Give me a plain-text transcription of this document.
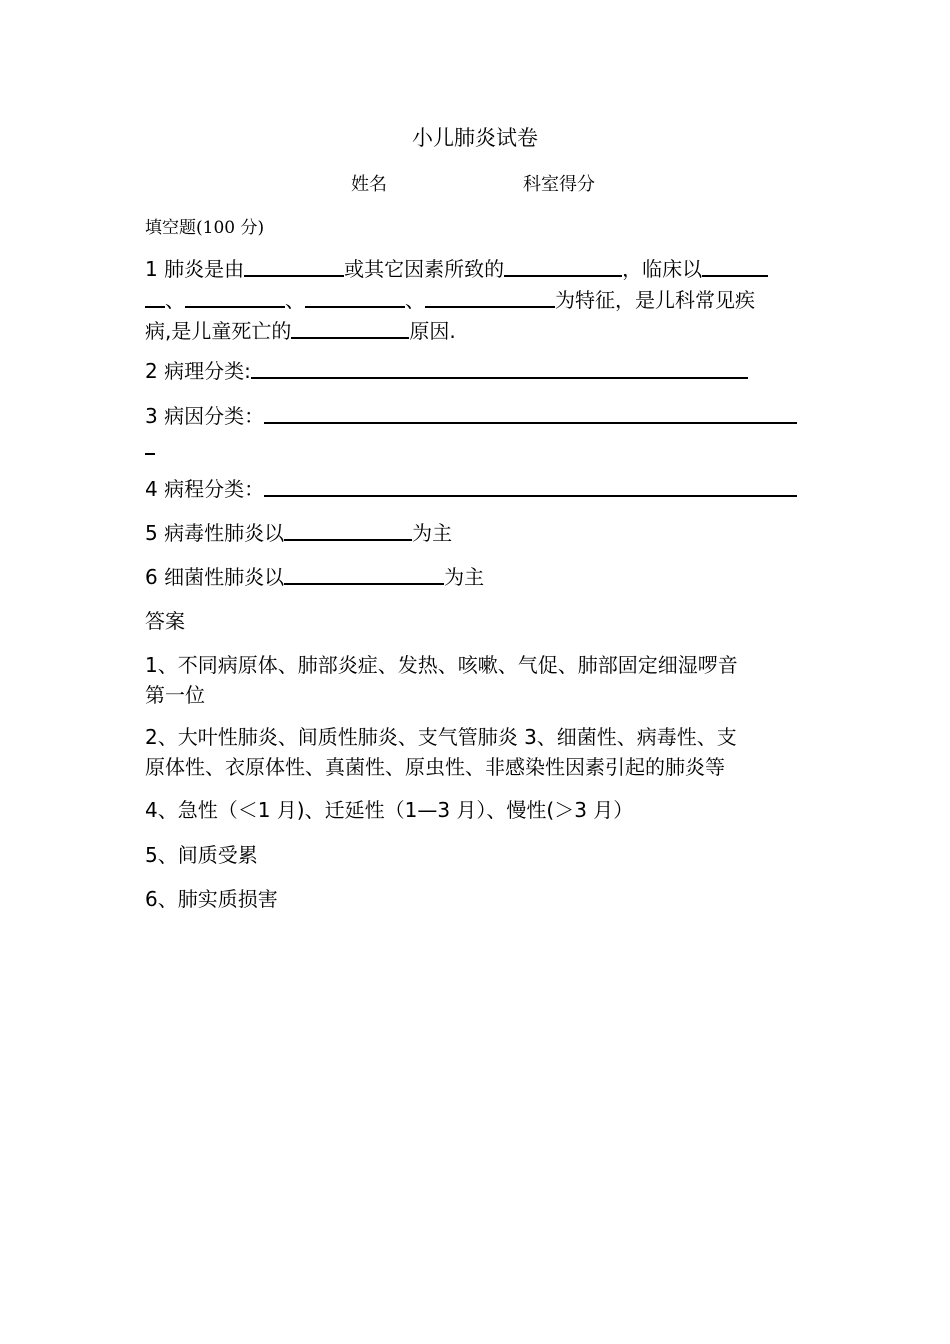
小儿肺炎试卷
姓名	科室得分
填空题(100 分)
1 肺炎是由	或其它因素所致的	，临床以
、	、	、	为特征，是儿科常见疾
病,是儿童死亡的	原因.
2 病理分类:
3 病因分类：
4 病程分类：
5 病毒性肺炎以	为主
6 细菌性肺炎以	为主
答案
1、不同病原体、肺部炎症、发热、咳嗽、气促、肺部固定细湿啰音
第一位
2、大叶性肺炎、间质性肺炎、支气管肺炎 3、细菌性、病毒性、支
原体性、衣原体性、真菌性、原虫性、非感染性因素引起的肺炎等
4、急性（＜1 月)、迁延性（1—3 月）、慢性(＞3 月）
5、间质受累
6、肺实质损害
